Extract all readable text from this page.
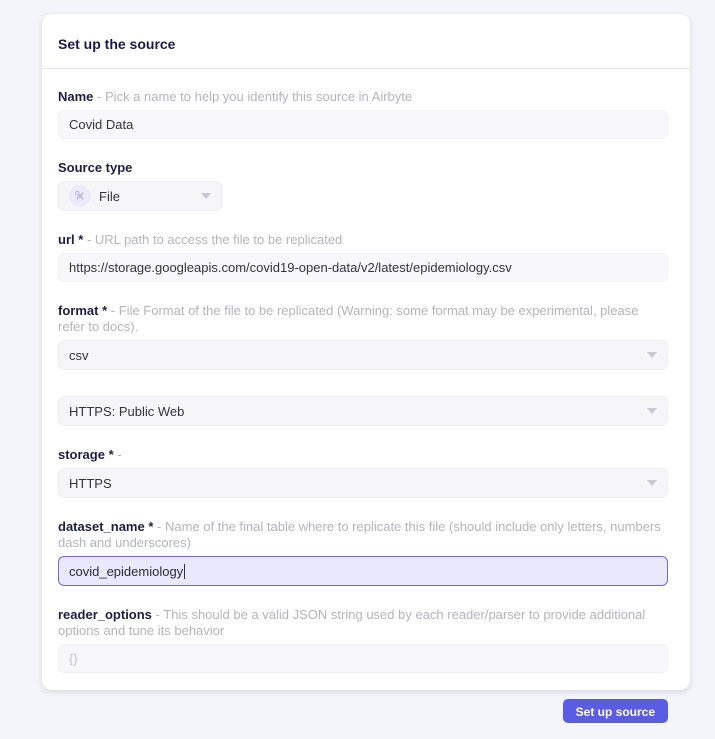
Set up the source
Name - Pick a name to help you identify this source in Airbyte
Covid Data
Source type
File
url * - URL path to access the file to be replicated
https://storage.googleapis.com/covid19-open-data/v2/latest/epidemiology.csv
format * - File Format of the file to be replicated (Warning: some format may be experimental, please refer to docs).
csv
HTTPS: Public Web
storage * -
HTTPS
dataset_name * - Name of the final table where to replicate this file (should include only letters, numbers dash and underscores)
covid_epidemiology
reader_options - This should be a valid JSON string used by each reader/parser to provide additional options and tune its behavior
{}
Set up source
